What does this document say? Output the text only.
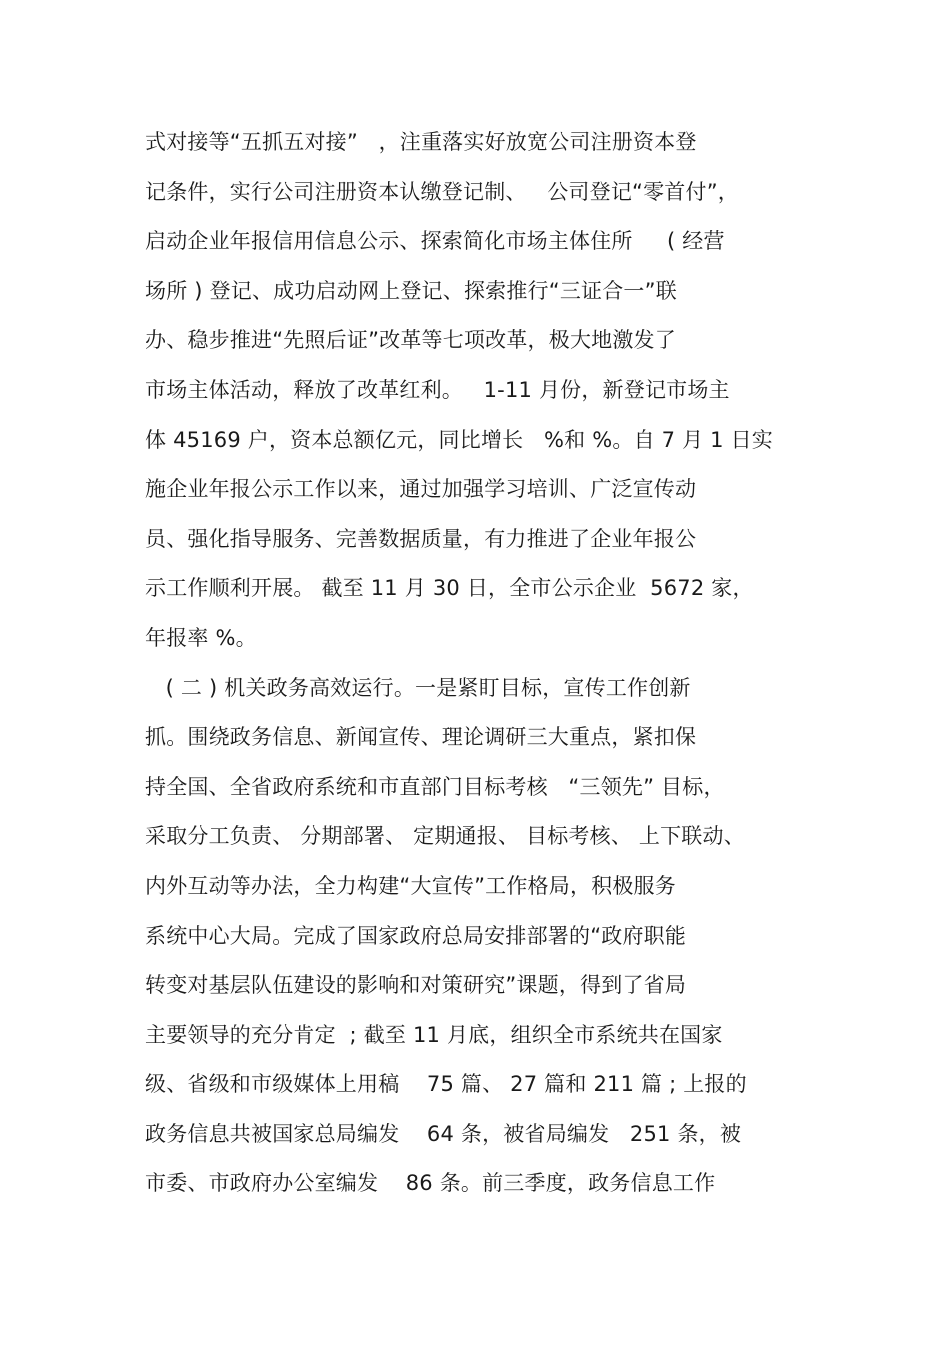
式对接等“五抓五对接”   ，注重落实好放宽公司注册资本登
记条件，实行公司注册资本认缴登记制、   公司登记“零首付”，
启动企业年报信用信息公示、探索简化市场主体住所     ( 经营
场所 ) 登记、成功启动网上登记、探索推行“三证合一”联
办、稳步推进“先照后证”改革等七项改革，极大地激发了
市场主体活动，释放了改革红利。   1-11 月份，新登记市场主
体 45169 户，资本总额亿元，同比增长   %和 %。自 7 月 1 日实
施企业年报公示工作以来，通过加强学习培训、广泛宣传动
员、强化指导服务、完善数据质量，有力推进了企业年报公
示工作顺利开展。 截至 11 月 30 日，全市公示企业  5672 家，
年报率 %。
( 二 ) 机关政务高效运行。一是紧盯目标，宣传工作创新
抓。围绕政务信息、新闻宣传、理论调研三大重点，紧扣保
持全国、全省政府系统和市直部门目标考核   “三领先” 目标，
采取分工负责、 分期部署、 定期通报、 目标考核、 上下联动、
内外互动等办法，全力构建“大宣传”工作格局，积极服务
系统中心大局。完成了国家政府总局安排部署的“政府职能
转变对基层队伍建设的影响和对策研究”课题，得到了省局
主要领导的充分肯定  ; 截至 11 月底，组织全市系统共在国家
级、省级和市级媒体上用稿    75 篇、 27 篇和 211 篇 ; 上报的
政务信息共被国家总局编发    64 条，被省局编发   251 条，被
市委、市政府办公室编发    86 条。前三季度，政务信息工作
